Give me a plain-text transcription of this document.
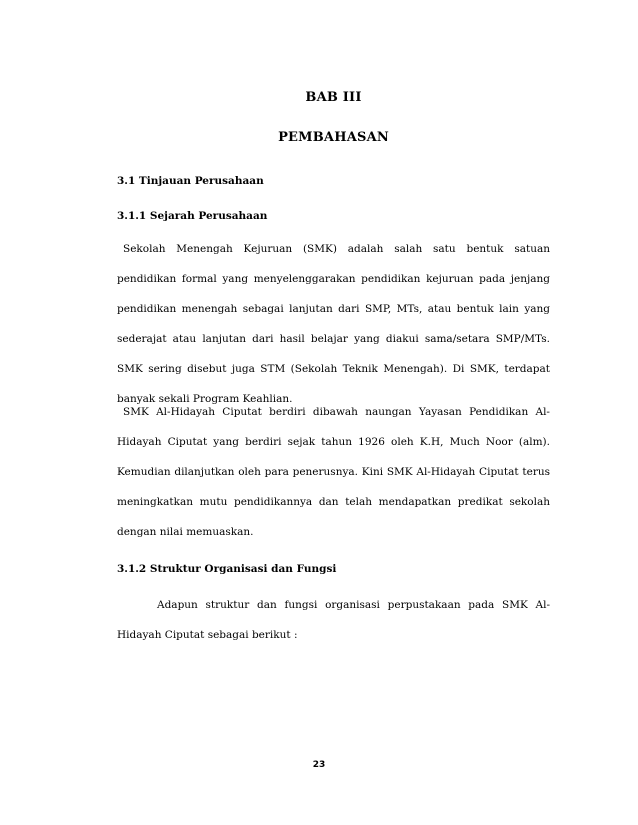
BAB III
PEMBAHASAN
3.1 Tinjauan Perusahaan
3.1.1 Sejarah Perusahaan

Sekolah Menengah Kejuruan (SMK) adalah salah satu bentuk satuan pendidikan formal yang menyelenggarakan pendidikan kejuruan pada jenjang pendidikan menengah sebagai lanjutan dari SMP, MTs, atau bentuk lain yang sederajat atau lanjutan dari hasil belajar yang diakui sama/setara SMP/MTs. SMK sering disebut juga STM (Sekolah Teknik Menengah). Di SMK, terdapat banyak sekali Program Keahlian.

SMK Al-Hidayah Ciputat berdiri dibawah naungan Yayasan Pendidikan Al-Hidayah Ciputat yang berdiri sejak tahun 1926 oleh K.H, Much Noor (alm). Kemudian dilanjutkan oleh para penerusnya. Kini SMK Al-Hidayah Ciputat terus meningkatkan mutu pendidikannya dan telah mendapatkan predikat sekolah dengan nilai memuaskan.

3.1.2 Struktur Organisasi dan Fungsi

Adapun struktur dan fungsi organisasi perpustakaan pada SMK Al-Hidayah Ciputat sebagai berikut :

23
